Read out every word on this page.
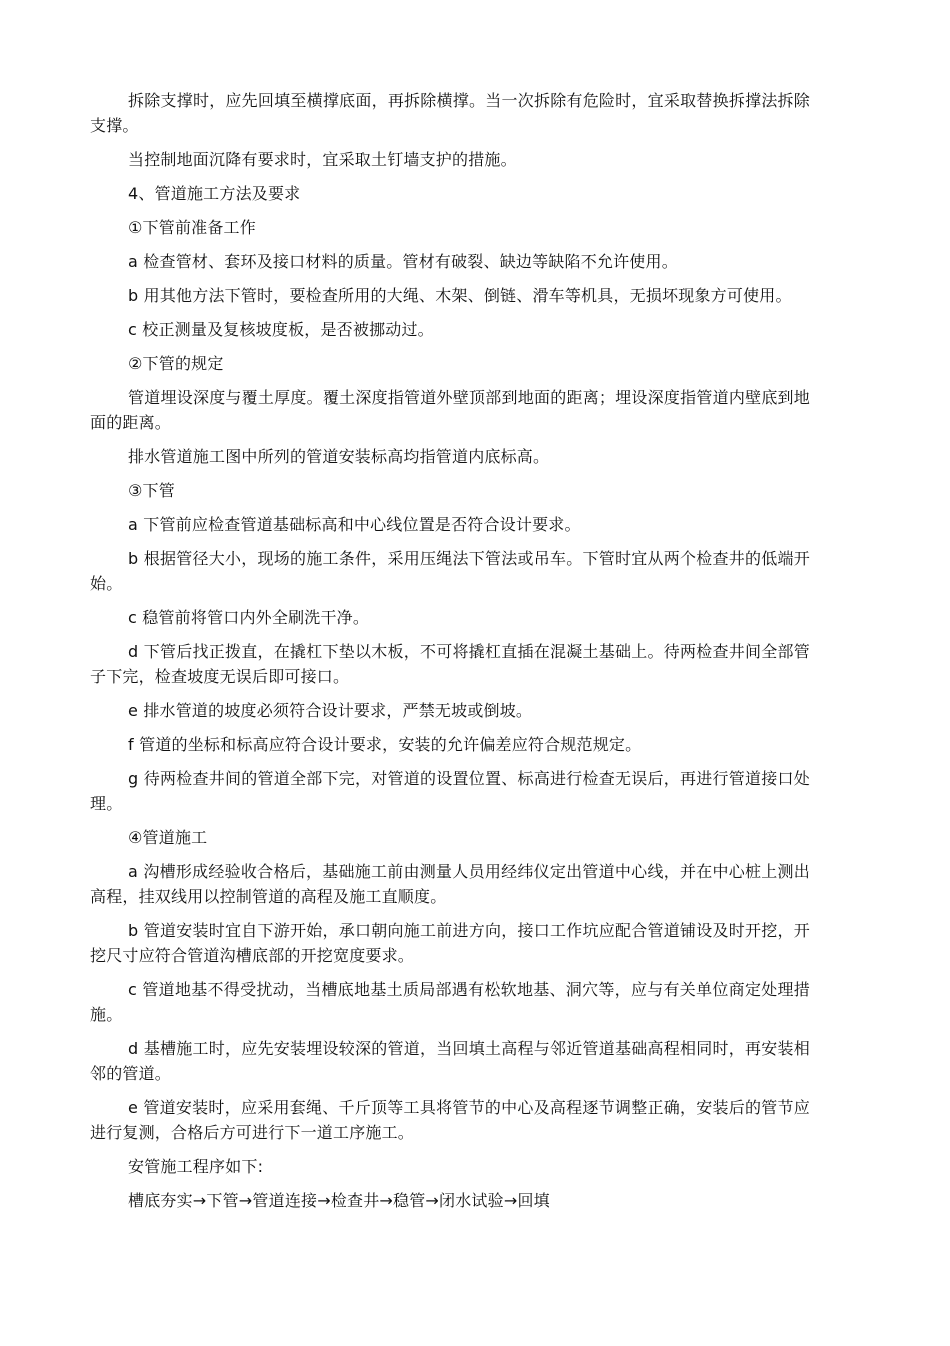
拆除支撑时，应先回填至横撑底面，再拆除横撑。当一次拆除有危险时，宜采取替换拆撑法拆除支撑。

当控制地面沉降有要求时，宜采取土钉墙支护的措施。

4、管道施工方法及要求

①下管前准备工作

a 检查管材、套环及接口材料的质量。管材有破裂、缺边等缺陷不允许使用。

b 用其他方法下管时，要检查所用的大绳、木架、倒链、滑车等机具，无损坏现象方可使用。

c 校正测量及复核坡度板，是否被挪动过。

②下管的规定

管道埋设深度与覆土厚度。覆土深度指管道外壁顶部到地面的距离；埋设深度指管道内壁底到地面的距离。

排水管道施工图中所列的管道安装标高均指管道内底标高。

③下管

a 下管前应检查管道基础标高和中心线位置是否符合设计要求。

b 根据管径大小，现场的施工条件，采用压绳法下管法或吊车。下管时宜从两个检查井的低端开始。

c 稳管前将管口内外全刷洗干净。

d 下管后找正拨直，在撬杠下垫以木板，不可将撬杠直插在混凝土基础上。待两检查井间全部管子下完，检查坡度无误后即可接口。

e 排水管道的坡度必须符合设计要求，严禁无坡或倒坡。

f 管道的坐标和标高应符合设计要求，安装的允许偏差应符合规范规定。

g 待两检查井间的管道全部下完，对管道的设置位置、标高进行检查无误后，再进行管道接口处理。

④管道施工

a 沟槽形成经验收合格后，基础施工前由测量人员用经纬仪定出管道中心线，并在中心桩上测出高程，挂双线用以控制管道的高程及施工直顺度。

b 管道安装时宜自下游开始，承口朝向施工前进方向，接口工作坑应配合管道铺设及时开挖，开挖尺寸应符合管道沟槽底部的开挖宽度要求。

c 管道地基不得受扰动，当槽底地基土质局部遇有松软地基、洞穴等，应与有关单位商定处理措施。

d 基槽施工时，应先安装埋设较深的管道，当回填土高程与邻近管道基础高程相同时，再安装相邻的管道。

e 管道安装时，应采用套绳、千斤顶等工具将管节的中心及高程逐节调整正确，安装后的管节应进行复测，合格后方可进行下一道工序施工。

安管施工程序如下:

槽底夯实→下管→管道连接→检查井→稳管→闭水试验→回填
